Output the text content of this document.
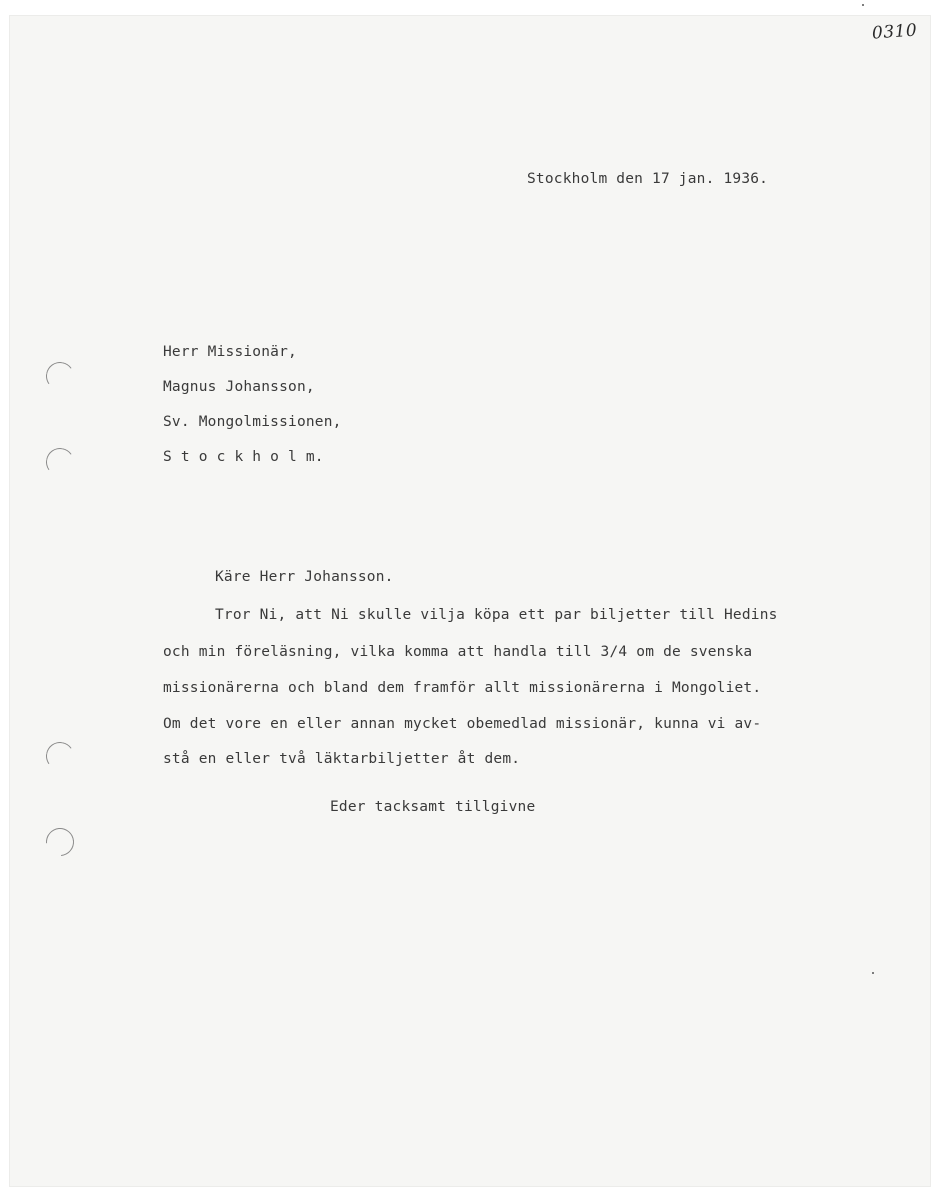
0310
Stockholm den 17 jan. 1936.
Herr Missionär,
Magnus Johansson,
Sv. Mongolmissionen,
S t o c k h o l m.
Käre Herr Johansson.
Tror Ni, att Ni skulle vilja köpa ett par biljetter till Hedins
och min föreläsning, vilka komma att handla till 3/4 om de svenska
missionärerna och bland dem framför allt missionärerna i Mongoliet.
Om det vore en eller annan mycket obemedlad missionär, kunna vi av-
stå en eller två läktarbiljetter åt dem.
Eder tacksamt tillgivne
